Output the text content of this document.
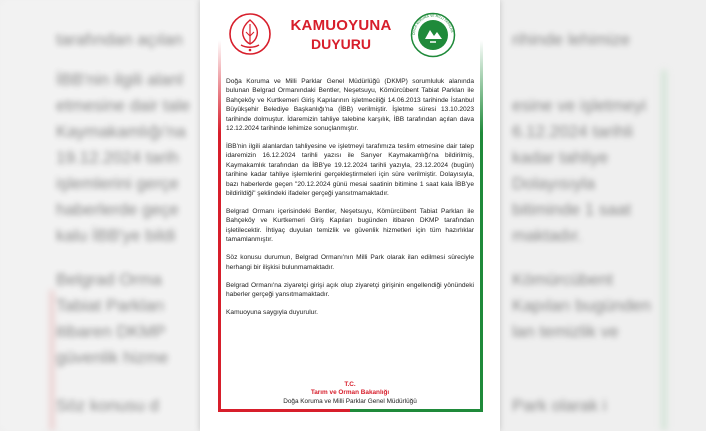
tarafından açılan
İBB'nin ilgili alanl
etmesine dair tale
Kaymakamlığı'na
19.12.2024 tarih
işlemlerini gerçe
haberlerde geçe
kalu İBB'ye bildi
Belgrad Orma
Tabiat Parkları
itibaren DKMP
güvenlik hizme
Söz konusu d
rihinde lehimize
esine ve işletmeyi
6.12.2024 tarihli
kadar tahliye
Dolayısıyla
bitiminde 1 saat
maktadır.
Kömürcübent
Kapıları bugünden
lan temizlik ve
Park olarak i
KAMUOYUNA
DUYURU
DOĞA KORUMA VE MİLLİ PARKLAR

Doğa Koruma ve Milli Parklar Genel Müdürlüğü (DKMP) sorumluluk alanında bulunan Belgrad Ormanındaki Bentler, Neşetsuyu, Kömürcübent Tabiat Parkları ile Bahçeköy ve Kurtkemeri Giriş Kapılarının işletmeciliği 14.06.2013 tarihinde İstanbul Büyükşehir Belediye Başkanlığı'na (İBB) verilmiştir. İşletme süresi 13.10.2023 tarihinde dolmuştur. İdaremizin tahliye talebine karşılık, İBB tarafından açılan dava 12.12.2024 tarihinde lehimize sonuçlanmıştır.

İBB'nin ilgili alanlardan tahliyesine ve işletmeyi tarafımıza teslim etmesine dair talep idaremizin 16.12.2024 tarihli yazısı ile Sarıyer Kaymakamlığı'na bildirilmiş, Kaymakamlık tarafından da İBB'ye 19.12.2024 tarihli yazıyla, 23.12.2024 (bugün) tarihine kadar tahliye işlemlerini gerçekleştirmeleri için süre verilmiştir. Dolayısıyla, bazı haberlerde geçen "20.12.2024 günü mesai saatinin bitimine 1 saat kala İBB'ye bildirildiği" şeklindeki ifadeler gerçeği yansıtmamaktadır.

Belgrad Ormanı içerisindeki Bentler, Neşetsuyu, Kömürcübent Tabiat Parkları ile Bahçeköy ve Kurtkemeri Giriş Kapıları bugünden itibaren DKMP tarafından işletilecektir. İhtiyaç duyulan temizlik ve güvenlik hizmetleri için tüm hazırlıklar tamamlanmıştır.

Söz konusu durumun, Belgrad Ormanı'nın Milli Park olarak ilan edilmesi süreciyle herhangi bir ilişkisi bulunmamaktadır.

Belgrad Ormanı'na ziyaretçi girişi açık olup ziyaretçi girişinin engellendiği yönündeki haberler gerçeği yansıtmamaktadır.

Kamuoyuna saygıyla duyurulur.

T.C.
Tarım ve Orman Bakanlığı
Doğa Koruma ve Milli Parklar Genel Müdürlüğü
